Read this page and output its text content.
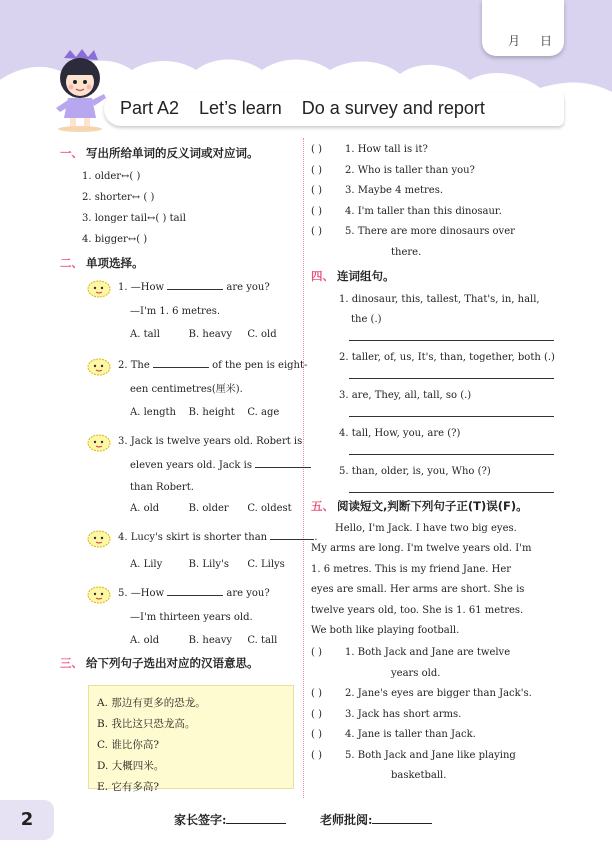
月 日
Part A2    Let’s learn    Do a survey and report
一、 写出所给单词的反义词或对应词。
1. older↔( )
2. shorter↔ ( )
3. longer tail↔( ) tail
4. bigger↔( )
二、 单项选择。
1. —How	are you?
—I'm 1. 6 metres.
A. tall	B. heavy	C. old
2. The	of the pen is eight-
een centimetres(厘米).
A. length	B. height	C. age
3. Jack is twelve years old. Robert is
eleven years old. Jack is
than Robert.
A. old	B. older	C. oldest
4. Lucy's skirt is shorter than	.
A. Lily	B. Lily's	C. Lilys
5. —How	are you?
—I'm thirteen years old.
A. old	B. heavy	C. tall
三、 给下列句子选出对应的汉语意思。
A. 那边有更多的恐龙。
B. 我比这只恐龙高。
C. 谁比你高?
D. 大概四米。
E. 它有多高?
( )	1. How tall is it?
( )	2. Who is taller than you?
( )	3. Maybe 4 metres.
( )	4. I'm taller than this dinosaur.
( )	5. There are more dinosaurs over
there.
四、 连词组句。
1. dinosaur, this, tallest, That's, in, hall,
the (.)
2. taller, of, us, It's, than, together, both (.)
3. are, They, all, tall, so (.)
4. tall, How, you, are (?)
5. than, older, is, you, Who (?)
五、 阅读短文,判断下列句子正(T)误(F)。
Hello, I'm Jack. I have two big eyes.
My arms are long. I'm twelve years old. I'm
1. 6 metres. This is my friend Jane. Her
eyes are small. Her arms are short. She is
twelve years old, too. She is 1. 61 metres.
We both like playing football.
( )	1. Both Jack and Jane are twelve
years old.
( )	2. Jane's eyes are bigger than Jack's.
( )	3. Jack has short arms.
( )	4. Jane is taller than Jack.
( )	5. Both Jack and Jane like playing
basketball.
2	家长签字:	老师批阅:
